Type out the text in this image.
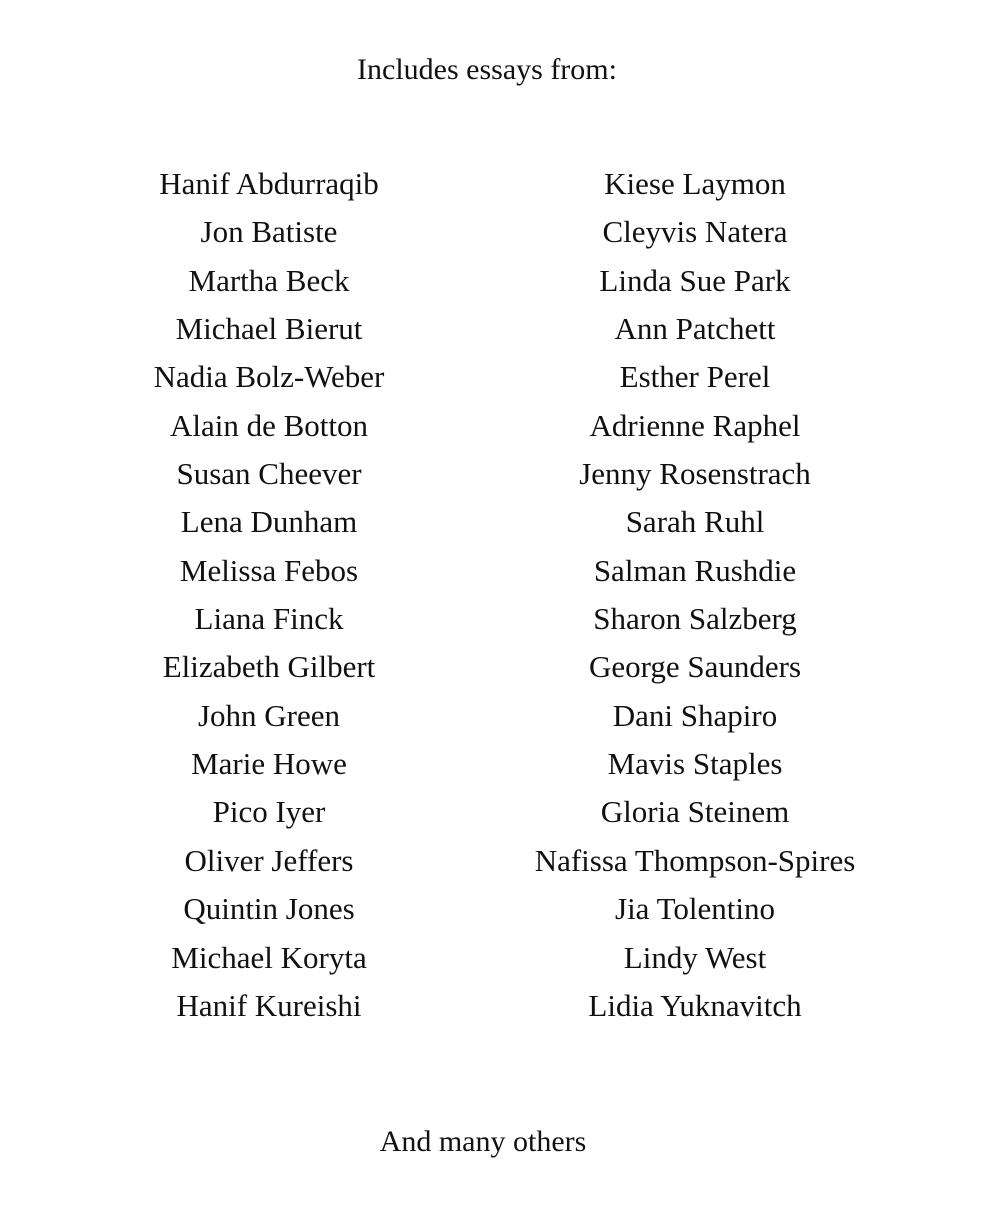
Includes essays from:
Hanif Abdurraqib
Jon Batiste
Martha Beck
Michael Bierut
Nadia Bolz-Weber
Alain de Botton
Susan Cheever
Lena Dunham
Melissa Febos
Liana Finck
Elizabeth Gilbert
John Green
Marie Howe
Pico Iyer
Oliver Jeffers
Quintin Jones
Michael Koryta
Hanif Kureishi
Kiese Laymon
Cleyvis Natera
Linda Sue Park
Ann Patchett
Esther Perel
Adrienne Raphel
Jenny Rosenstrach
Sarah Ruhl
Salman Rushdie
Sharon Salzberg
George Saunders
Dani Shapiro
Mavis Staples
Gloria Steinem
Nafissa Thompson-Spires
Jia Tolentino
Lindy West
Lidia Yuknavitch
And many others
